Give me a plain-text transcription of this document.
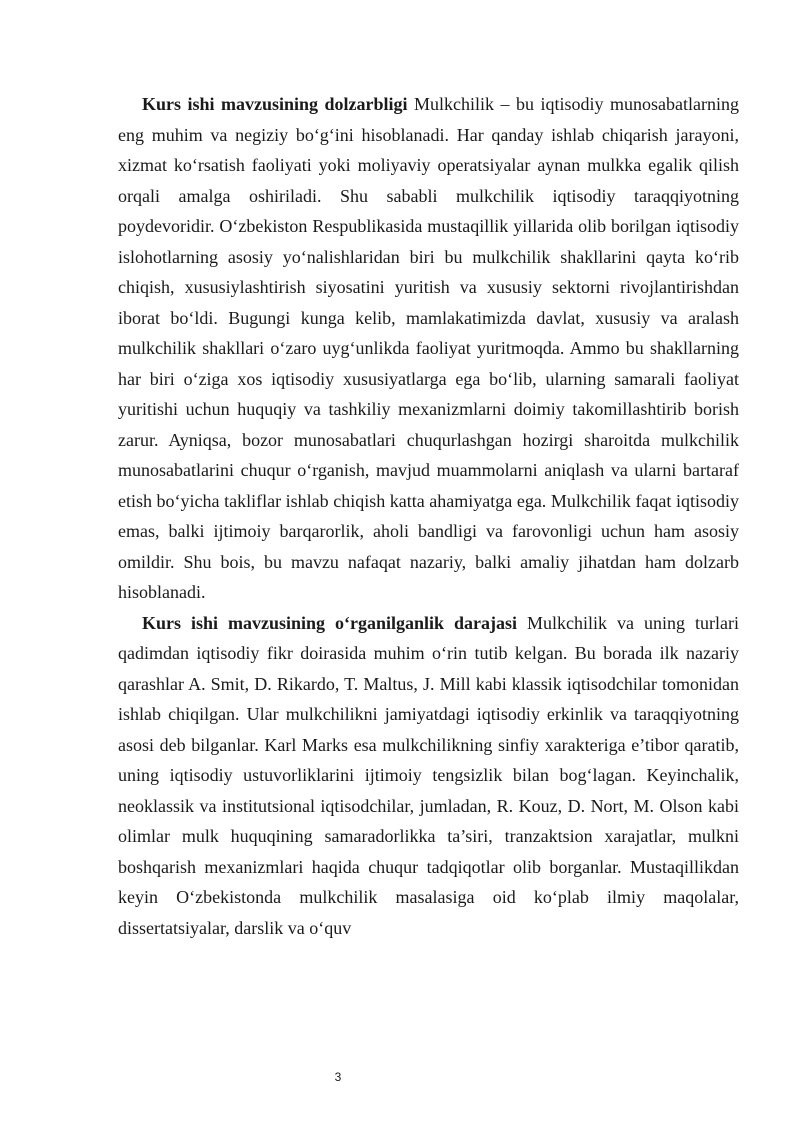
Kurs ishi mavzusining dolzarbligi Mulkchilik – bu iqtisodiy munosabatlarning eng muhim va negiziy bo‘g‘ini hisoblanadi. Har qanday ishlab chiqarish jarayoni, xizmat ko‘rsatish faoliyati yoki moliyaviy operatsiyalar aynan mulkka egalik qilish orqali amalga oshiriladi. Shu sababli mulkchilik iqtisodiy taraqqiyotning poydevoridir. O‘zbekiston Respublikasida mustaqillik yillarida olib borilgan iqtisodiy islohotlarning asosiy yo‘nalishlaridan biri bu mulkchilik shakllarini qayta ko‘rib chiqish, xususiylashtirish siyosatini yuritish va xususiy sektorni rivojlantirishdan iborat bo‘ldi. Bugungi kunga kelib, mamlakatimizda davlat, xususiy va aralash mulkchilik shakllari o‘zaro uyg‘unlikda faoliyat yuritmoqda. Ammo bu shakllarning har biri o‘ziga xos iqtisodiy xususiyatlarga ega bo‘lib, ularning samarali faoliyat yuritishi uchun huquqiy va tashkiliy mexanizmlarni doimiy takomillashtirib borish zarur. Ayniqsa, bozor munosabatlari chuqurlashgan hozirgi sharoitda mulkchilik munosabatlarini chuqur o‘rganish, mavjud muammolarni aniqlash va ularni bartaraf etish bo‘yicha takliflar ishlab chiqish katta ahamiyatga ega. Mulkchilik faqat iqtisodiy emas, balki ijtimoiy barqarorlik, aholi bandligi va farovonligi uchun ham asosiy omildir. Shu bois, bu mavzu nafaqat nazariy, balki amaliy jihatdan ham dolzarb hisoblanadi.

Kurs ishi mavzusining o‘rganilganlik darajasi Mulkchilik va uning turlari qadimdan iqtisodiy fikr doirasida muhim o‘rin tutib kelgan. Bu borada ilk nazariy qarashlar A. Smit, D. Rikardo, T. Maltus, J. Mill kabi klassik iqtisodchilar tomonidan ishlab chiqilgan. Ular mulkchilikni jamiyatdagi iqtisodiy erkinlik va taraqqiyotning asosi deb bilganlar. Karl Marks esa mulkchilikning sinfiy xarakteriga e’tibor qaratib, uning iqtisodiy ustuvorliklarini ijtimoiy tengsizlik bilan bog‘lagan. Keyinchalik, neoklassik va institutsional iqtisodchilar, jumladan, R. Kouz, D. Nort, M. Olson kabi olimlar mulk huquqining samaradorlikka ta’siri, tranzaktsion xarajatlar, mulkni boshqarish mexanizmlari haqida chuqur tadqiqotlar olib borganlar. Mustaqillikdan keyin O‘zbekistonda mulkchilik masalasiga oid ko‘plab ilmiy maqolalar, dissertatsiyalar, darslik va o‘quv

3
